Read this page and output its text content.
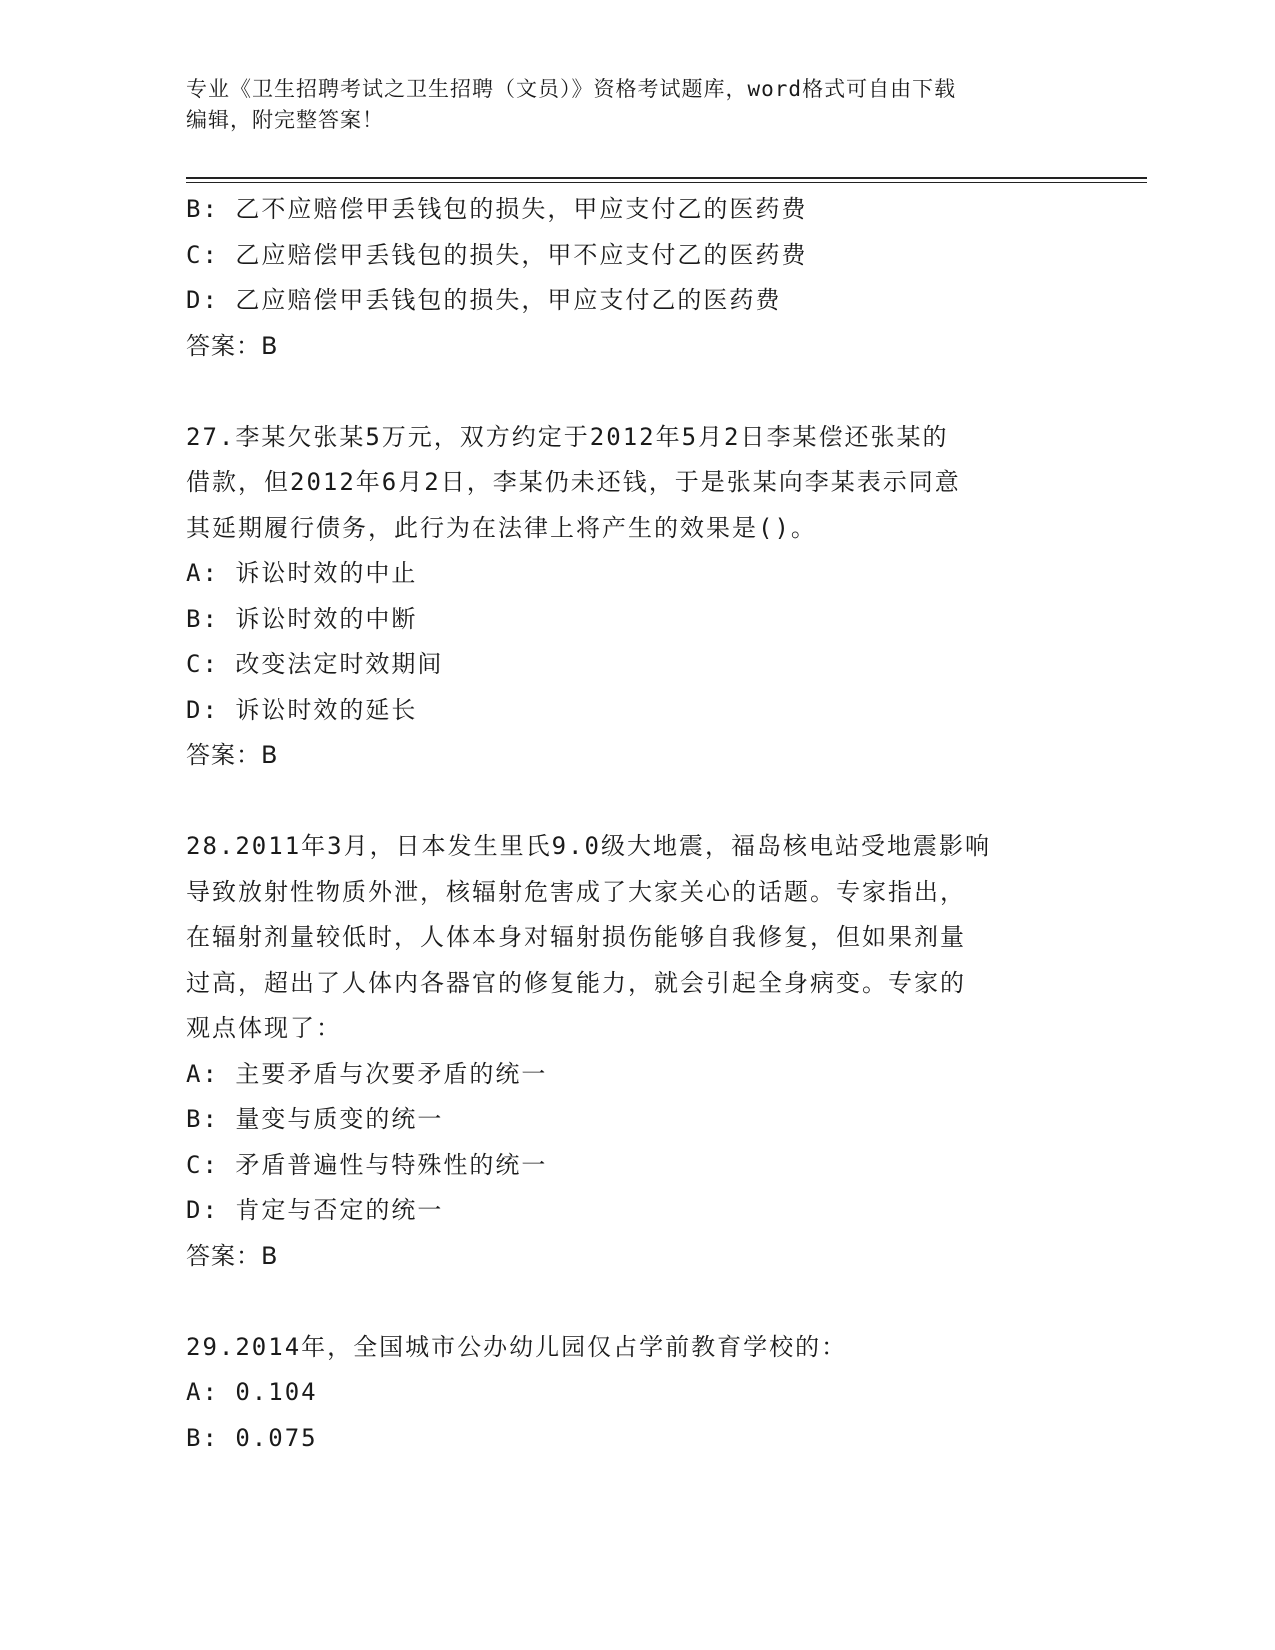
专业《卫生招聘考试之卫生招聘（文员）》资格考试题库，word格式可自由下载
编辑，附完整答案！
B: 乙不应赔偿甲丢钱包的损失，甲应支付乙的医药费
C: 乙应赔偿甲丢钱包的损失，甲不应支付乙的医药费
D: 乙应赔偿甲丢钱包的损失，甲应支付乙的医药费
答案：B
27.李某欠张某5万元，双方约定于2012年5月2日李某偿还张某的
借款，但2012年6月2日，李某仍未还钱，于是张某向李某表示同意
其延期履行债务，此行为在法律上将产生的效果是()。
A: 诉讼时效的中止
B: 诉讼时效的中断
C: 改变法定时效期间
D: 诉讼时效的延长
答案：B
28.2011年3月，日本发生里氏9.0级大地震，福岛核电站受地震影响
导致放射性物质外泄，核辐射危害成了大家关心的话题。专家指出，
在辐射剂量较低时，人体本身对辐射损伤能够自我修复，但如果剂量
过高，超出了人体内各器官的修复能力，就会引起全身病变。专家的
观点体现了：
A: 主要矛盾与次要矛盾的统一
B: 量变与质变的统一
C: 矛盾普遍性与特殊性的统一
D: 肯定与否定的统一
答案：B
29.2014年，全国城市公办幼儿园仅占学前教育学校的：
A: 0.104
B: 0.075
